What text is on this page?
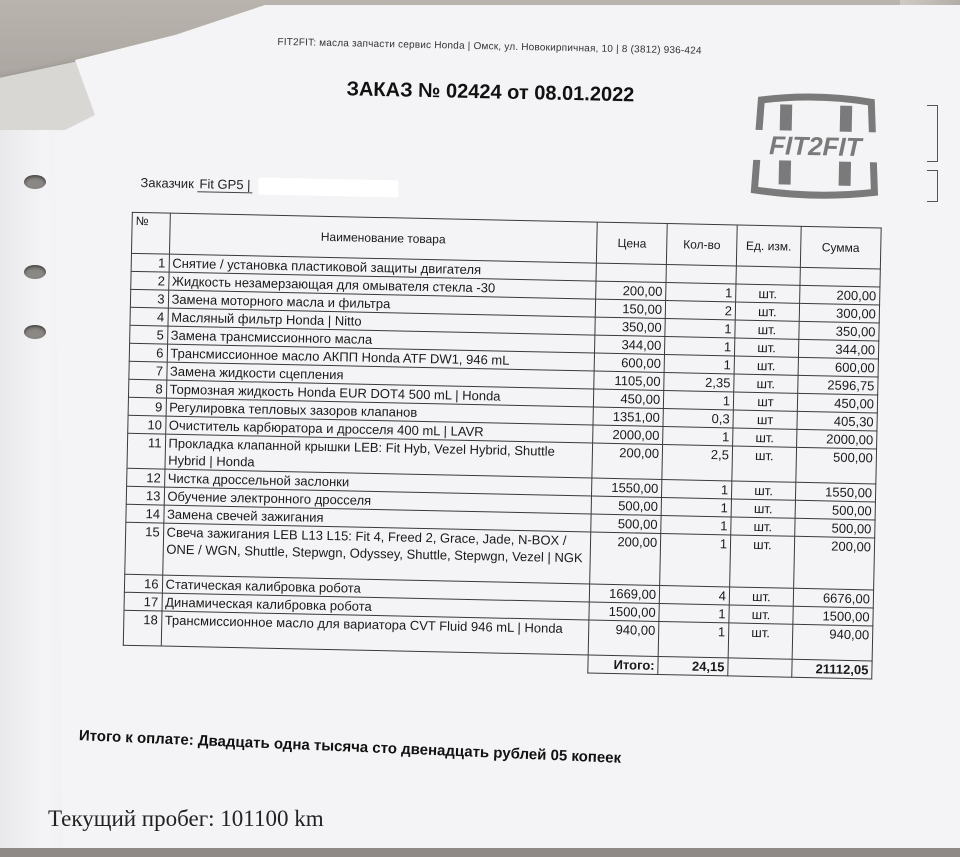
FIT2FIT: масла запчасти сервис Honda | Омск, ул. Новокирпичная, 10 | 8 (3812) 936-424
ЗАКАЗ № 02424 от 08.01.2022
FIT2FIT
Заказчик Fit GP5 |
№	Наименование товара	Цена	Кол-во	Ед. изм.	Сумма
1	Снятие / установка пластиковой защиты двигателя				
2	Жидкость незамерзающая для омывателя стекла -30	200,00	1	шт.	200,00
3	Замена моторного масла и фильтра	150,00	2	шт.	300,00
4	Масляный фильтр Honda | Nitto	350,00	1	шт.	350,00
5	Замена трансмиссионного масла	344,00	1	шт.	344,00
6	Трансмиссионное масло АКПП Honda ATF DW1, 946 mL	600,00	1	шт.	600,00
7	Замена жидкости сцепления	1105,00	2,35	шт.	2596,75
8	Тормозная жидкость Honda EUR DOT4 500 mL | Honda	450,00	1	шт	450,00
9	Регулировка тепловых зазоров клапанов	1351,00	0,3	шт	405,30
10	Очиститель карбюратора и дросселя 400 mL | LAVR	2000,00	1	шт.	2000,00
11	Прокладка клапанной крышки LEB: Fit Hyb, Vezel Hybrid, Shuttle Hybrid | Honda	200,00	2,5	шт.	500,00
12	Чистка дроссельной заслонки	1550,00	1	шт.	1550,00
13	Обучение электронного дросселя	500,00	1	шт.	500,00
14	Замена свечей зажигания	500,00	1	шт.	500,00
15	Свеча зажигания LEB L13 L15: Fit 4, Freed 2, Grace, Jade, N-BOX / ONE / WGN, Shuttle, Stepwgn, Odyssey, Shuttle, Stepwgn, Vezel | NGK	200,00	1	шт.	200,00
16	Статическая калибровка робота	1669,00	4	шт.	6676,00
17	Динамическая калибровка робота	1500,00	1	шт.	1500,00
18	Трансмиссионное масло для вариатора CVT Fluid 946 mL | Honda	940,00	1	шт.	940,00
		Итого:	24,15		21112,05
Итого к оплате: Двадцать одна тысяча сто двенадцать рублей 05 копеек
Текущий пробег: 101100 km
